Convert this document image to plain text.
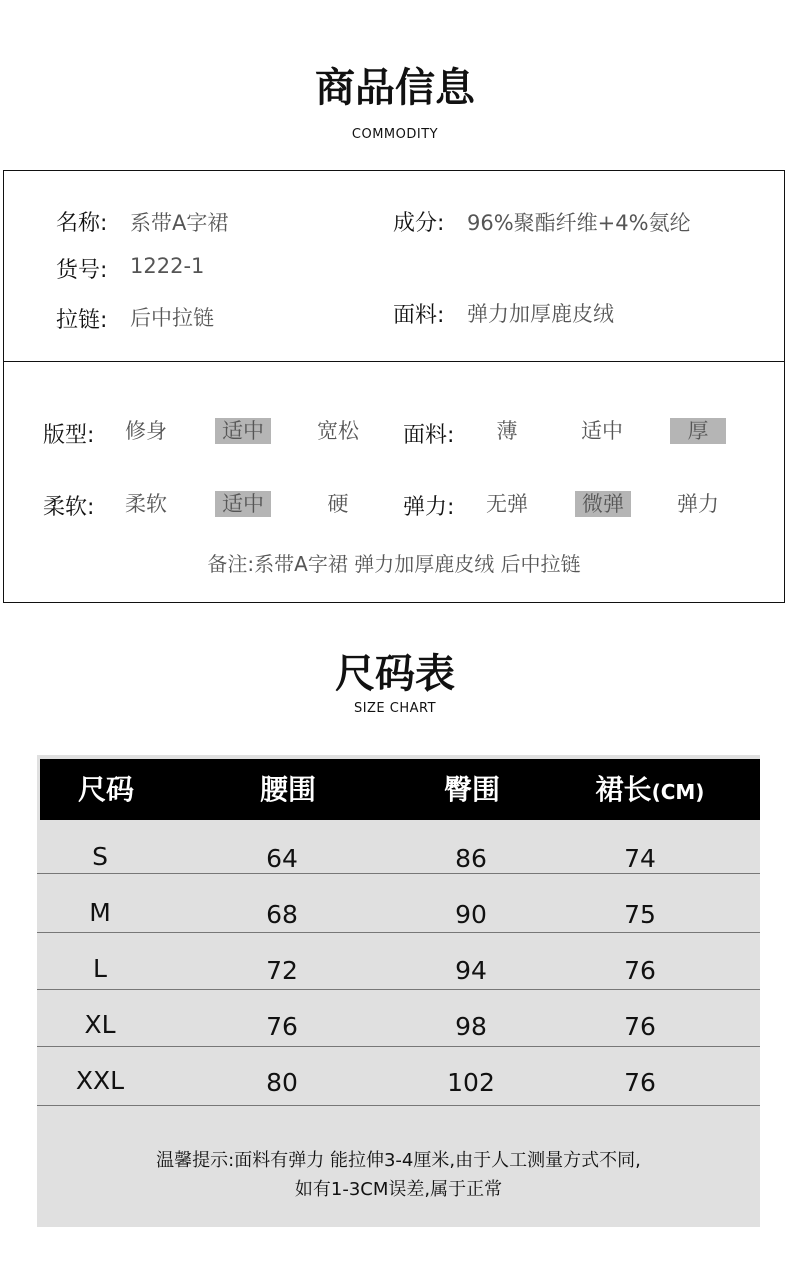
商品信息
COMMODITY
名称: 系带A字裙	成分: 96%聚酯纤维+4%氨纶
货号: 1222-1
拉链: 后中拉链	面料: 弹力加厚鹿皮绒
版型:	修身	适中	宽松	面料:	薄	适中	厚
柔软:	柔软	适中	硬	弹力:	无弹	微弹	弹力
备注:系带A字裙 弹力加厚鹿皮绒 后中拉链
尺码表
SIZE CHART
尺码	腰围	臀围	裙长(CM)
S	64	86	74
M	68	90	75
L	72	94	76
XL	76	98	76
XXL	80	102	76
温馨提示:面料有弹力 能拉伸3-4厘米,由于人工测量方式不同,
如有1-3CM误差,属于正常
